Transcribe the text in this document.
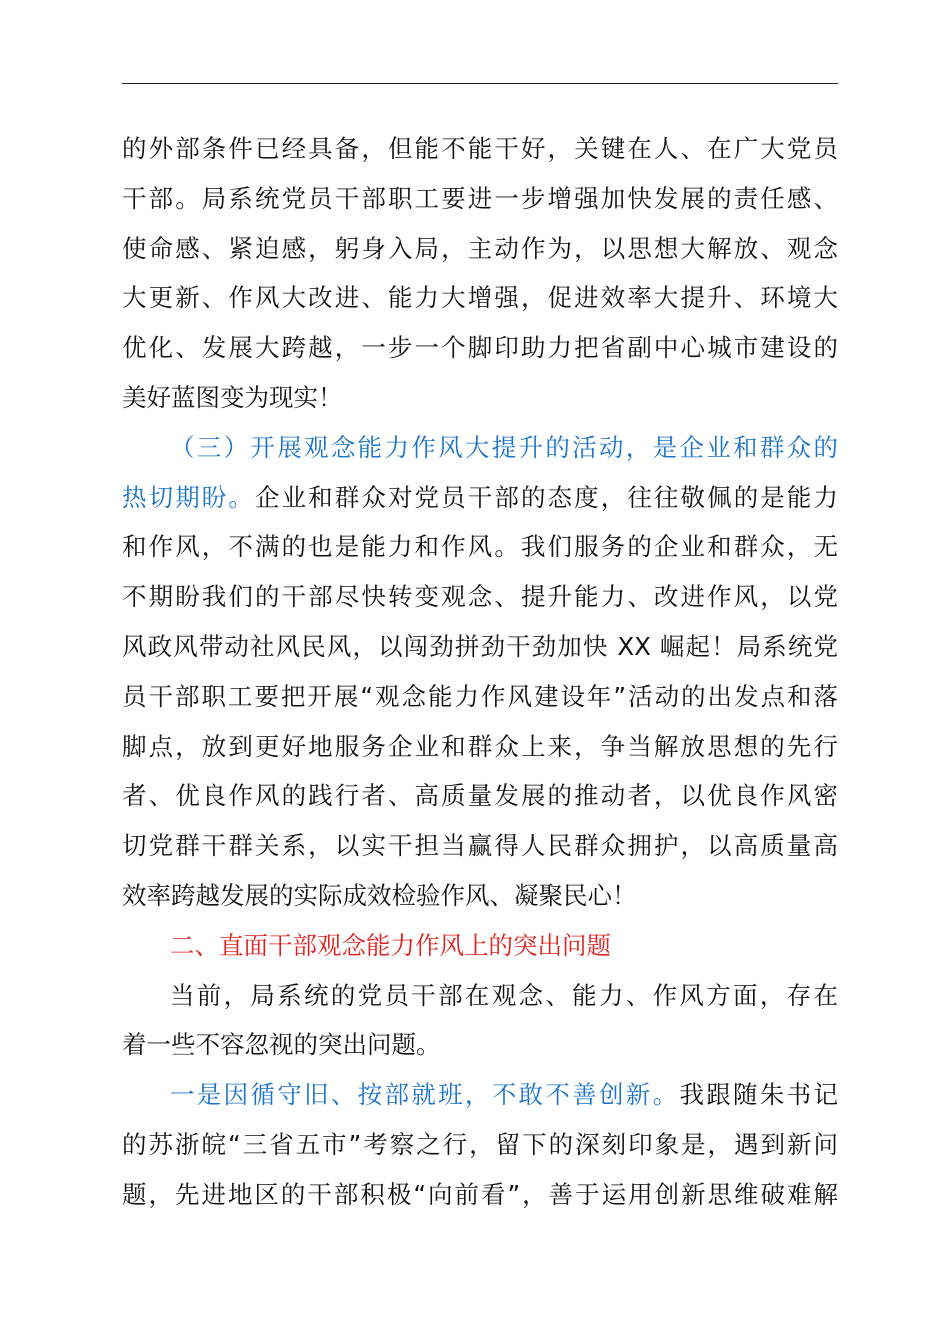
的外部条件已经具备，但能不能干好，关键在人、在广大党员
干部。局系统党员干部职工要进一步增强加快发展的责任感、
使命感、紧迫感，躬身入局，主动作为，以思想大解放、观念
大更新、作风大改进、能力大增强，促进效率大提升、环境大
优化、发展大跨越，一步一个脚印助力把省副中心城市建设的
美好蓝图变为现实！
（三）开展观念能力作风大提升的活动，是企业和群众的
热切期盼。企业和群众对党员干部的态度，往往敬佩的是能力
和作风，不满的也是能力和作风。我们服务的企业和群众，无
不期盼我们的干部尽快转变观念、提升能力、改进作风，以党
风政风带动社风民风，以闯劲拼劲干劲加快 XX 崛起！局系统党
员干部职工要把开展“观念能力作风建设年”活动的出发点和落
脚点，放到更好地服务企业和群众上来，争当解放思想的先行
者、优良作风的践行者、高质量发展的推动者，以优良作风密
切党群干群关系，以实干担当赢得人民群众拥护，以高质量高
效率跨越发展的实际成效检验作风、凝聚民心！
二、直面干部观念能力作风上的突出问题
当前，局系统的党员干部在观念、能力、作风方面，存在
着一些不容忽视的突出问题。
一是因循守旧、按部就班，不敢不善创新。我跟随朱书记
的苏浙皖“三省五市”考察之行，留下的深刻印象是，遇到新问
题，先进地区的干部积极“向前看”，善于运用创新思维破难解
